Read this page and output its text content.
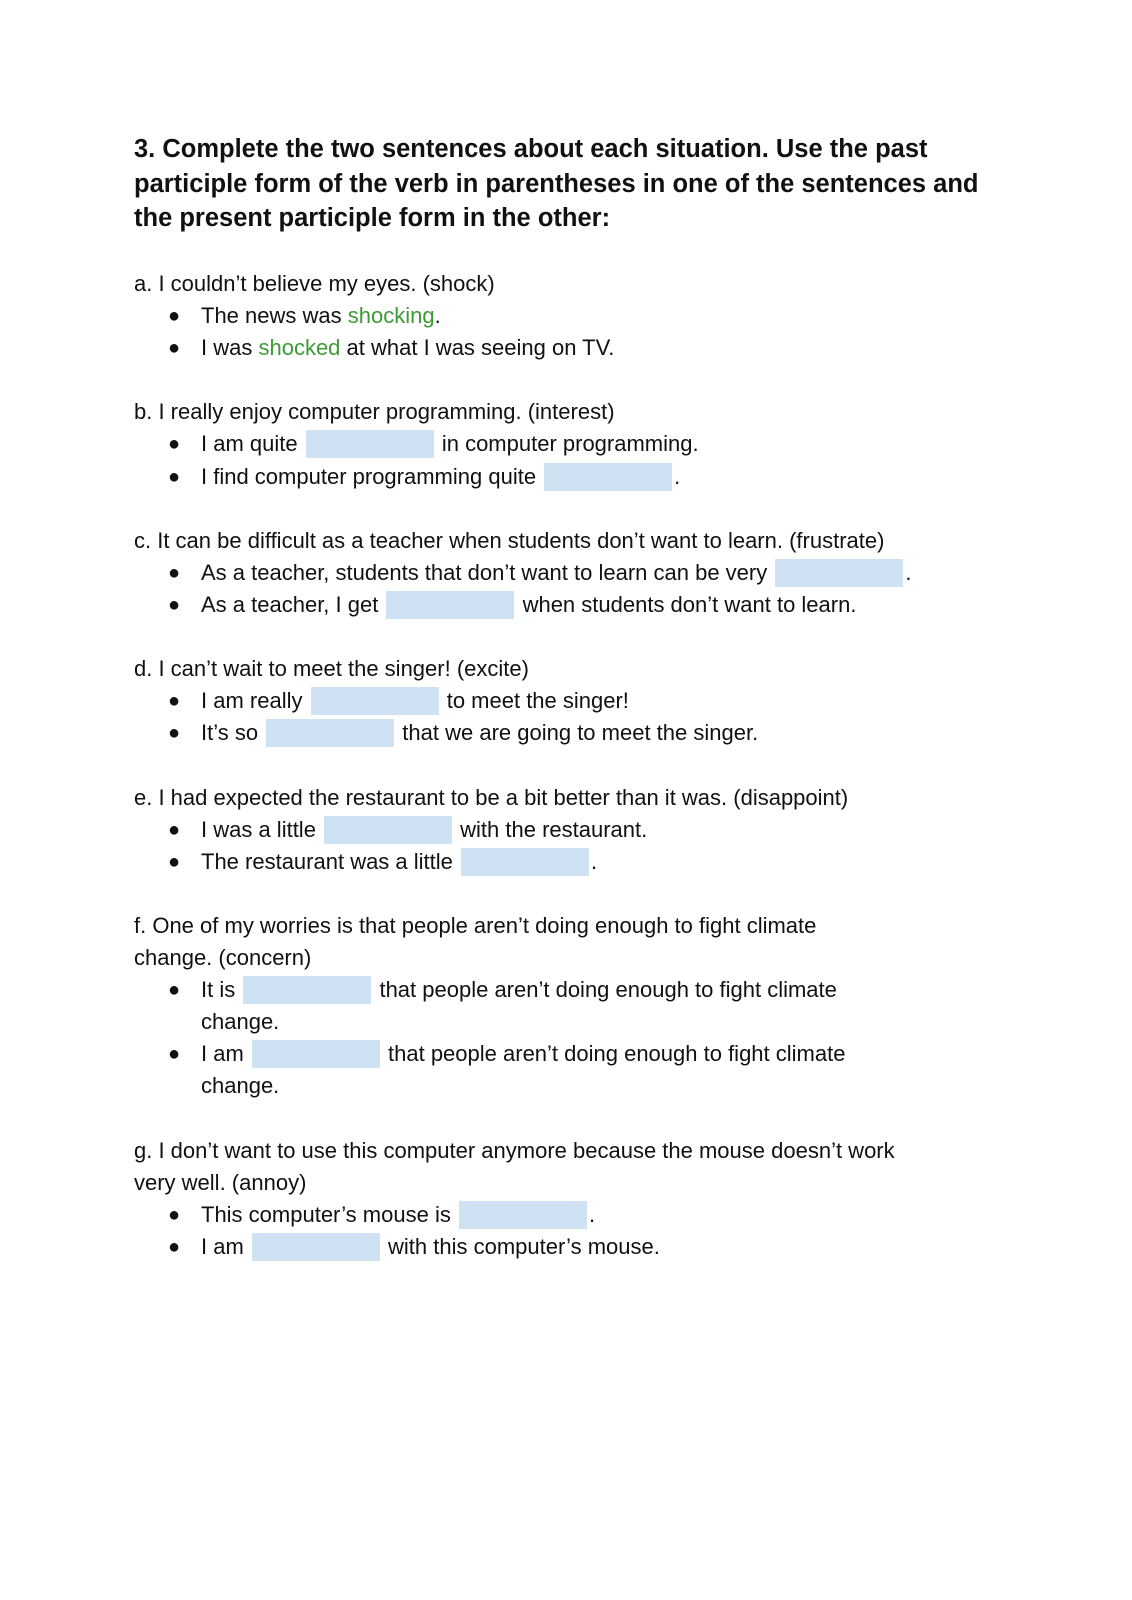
3. Complete the two sentences about each situation. Use the past participle form of the verb in parentheses in one of the sentences and the present participle form in the other:
a. I couldn’t believe my eyes. (shock)
● The news was shocking.
● I was shocked at what I was seeing on TV.
b. I really enjoy computer programming. (interest)
● I am quite	in computer programming.
● I find computer programming quite	.
c. It can be difficult as a teacher when students don’t want to learn. (frustrate)
● As a teacher, students that don’t want to learn can be very	.
● As a teacher, I get	when students don’t want to learn.
d. I can’t wait to meet the singer! (excite)
● I am really	to meet the singer!
● It’s so	that we are going to meet the singer.
e. I had expected the restaurant to be a bit better than it was. (disappoint)
● I was a little	with the restaurant.
● The restaurant was a little	.
f. One of my worries is that people aren’t doing enough to fight climate
change. (concern)
● It is	that people aren’t doing enough to fight climate
change.
● I am	that people aren’t doing enough to fight climate
change.
g. I don’t want to use this computer anymore because the mouse doesn’t work
very well. (annoy)
● This computer’s mouse is	.
● I am	with this computer’s mouse.
